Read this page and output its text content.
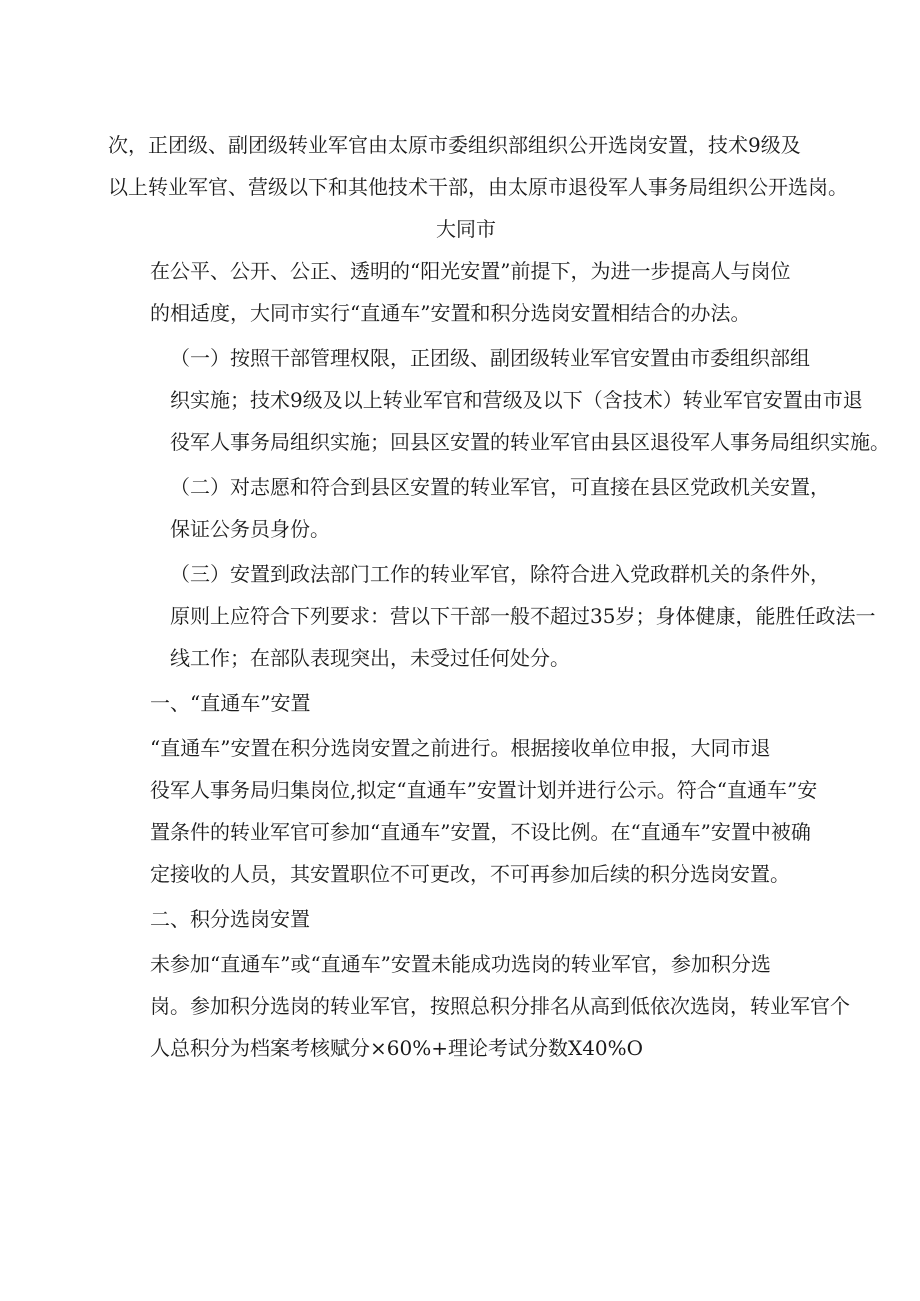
次，正团级、副团级转业军官由太原市委组织部组织公开选岗安置，技术9级及
以上转业军官、营级以下和其他技术干部，由太原市退役军人事务局组织公开选岗。

大同市

在公平、公开、公正、透明的“阳光安置”前提下，为进一步提高人与岗位
的相适度，大同市实行“直通车”安置和积分选岗安置相结合的办法。

（一）按照干部管理权限，正团级、副团级转业军官安置由市委组织部组
织实施；技术9级及以上转业军官和营级及以下（含技术）转业军官安置由市退
役军人事务局组织实施；回县区安置的转业军官由县区退役军人事务局组织实施。

（二）对志愿和符合到县区安置的转业军官，可直接在县区党政机关安置，
保证公务员身份。

（三）安置到政法部门工作的转业军官，除符合进入党政群机关的条件外，
原则上应符合下列要求：营以下干部一般不超过35岁；身体健康，能胜任政法一
线工作；在部队表现突出，未受过任何处分。

一、“直通车”安置

“直通车”安置在积分选岗安置之前进行。根据接收单位申报，大同市退
役军人事务局归集岗位,拟定“直通车”安置计划并进行公示。符合“直通车”安
置条件的转业军官可参加“直通车”安置，不设比例。在“直通车”安置中被确
定接收的人员，其安置职位不可更改，不可再参加后续的积分选岗安置。

二、积分选岗安置

未参加“直通车”或“直通车”安置未能成功选岗的转业军官，参加积分选
岗。参加积分选岗的转业军官，按照总积分排名从高到低依次选岗，转业军官个
人总积分为档案考核赋分×60%+理论考试分数X40%O
